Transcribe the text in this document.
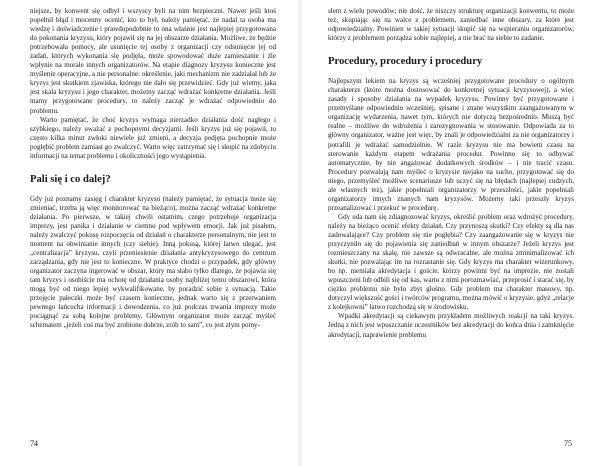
niejsze, by konwent się odbył i wszyscy byli na nim bezpieczni. Nawet jeśli ktoś popełnił błąd i mocenny ocenić, kto to był, należy pamiętać, że nadal ta osoba ma wiedzę i doświadczenie i prawdopodobnie to ona właśnie jest najlepiej przygotowana do pokonania kryzysu, który pojawił się na jej obszarze działania. Możliwe, że będzie potrzebowała pomocy, ale usunięcie tej osoby z organizacji czy odsunięcie jej od zadań, których wykonania się podjęła, może spowodować duże zamieszanie i źle wpłynie na morale innych organizatorów. Na etapie diagnozy kryzysu konieczne jest myślenie operacyjne, a nie personalne: określenie, jaki mechanizm nie zadziałał lub że kryzys jest skutkiem zjawiska, którego nie dało się przewidzieć. Gdy już wiemy, jaka jest skala kryzysu i jego charakter, możemy zacząć wdrażać konkretne działania. Jeśli mamy przygotowane procedury, to należy zacząć je wdrażać odpowiednio do problemu.

Warto pamiętać, że choć kryzys wymaga nierzadko działania dość nagłego i szybkiego, należy uważać z pochopnymi decyzjami. Jeśli kryzys już się pojawił, to często kilka minut zwłoki niewiele już zmieni, a decyzja podjęta pochopnie może pogłębić problem zamiast go zwalczyć. Warto więc zatrzymać się i skupić na zdobyciu informacji na temat problemu i okoliczności jego wystąpienia.

Pali się i co dalej?

Gdy już poznamy zasięg i charakter kryzysu (należy pamiętać, że sytuacja może się zmieniać, trzeba ją więc monitorować na bieżąco), można zacząć wdrażać konkretne działania. Po pierwsze, w takiej chwili ostatnim, czego potrzebuje organizacja imprezy, jest panika i działanie w ciemno pod wpływem emocji. Jak już pisałem, należy zwalczyć pokusę rozpoczęcia od działań o charakterze personalnym, nie jest to moment na obwinianie innych (czy siebie). Inną pokusą, której łatwo ulegać, jest „centralizacja” kryzysu, czyli przeniesienie działania antykryzysowego do centrum zarządzania, gdy nie jest to konieczne. W praktyce chodzi o przypadek, gdy główny organizator zaczyna ingerować w obszar, który ma słabo tylko dlatego, że pojawia się tam kryzys i osobiście ma ochotę od działania osoby najbliżej temu obszarowi, która mogą być od niego lepiej wykwalifikowane, by poradzić sobie z sytuacją. Takie przejęcie pałeczki może być czasem konieczne, jednak warto się z przerwaniem pewnego łańcucha informacji i dowodzenia, co już podczas trwania imprezy może pociągnąć za sobą kolejne problemy. Głównym organizator może zacząć myśleć schematem „jeżeli coś ma być zrobione dobrze, zrób to sam”, co jest złym pomy-

słem z wielu powodów; nie dość, że niszczy strukturę organizacji konwentu, to może też, skupiając się na walce z problemem, zaniedbać inne obszary, za które jest odpowiedzialny. Powinien w takiej sytuacji skupić się na wspieraniu organizatorów, którzy z problemem porządza sobie najlepiej, a nie brać na siebie to zadanie.

Procedury, procedury i procedury

Najlepszym lekiem na kryzys są wcześniej przygotowane procedury o ogólnym charakterze (które można dostosować do konkretnej sytuacji kryzysowej), a więc zasady i sposoby działania na wypadek kryzysu. Powinny być przygotowane i przemyślane odpowiednio wcześniej, spisane i znane wszystkim zaangażowanym w organizację wydarzenia, nawet tym, których nie dotyczą bezpośrednio. Muszą być realne – możliwe do wdrożenia i zarezygnowania w stosowanie. Odpowiada za to główny organizator, ważne jest więc, by znali je odpowiedzialni za nie organizatorzy i potrafili je wdrażać samodzielnie. W razie kryzysu nie ma bowiem czasu na sterowanie każdym etapem wdrażania procedur. Powinno się to odbywać automatycznie, by nie angażować dodatkowych środków – i nie tracić czasu. Procedury pozwalają nam myśleć o kryzysie niejako na sucho, przygotować się do niego, przemyśleć możliwe scenariusze lub uczyć się na błędach (najlepiej cudzych, ale własnych też), jakie popełniali organizatorzy w przeszłości, jakie popełniali organizatorzy innych znanych nam kryzysów. Możemy taki przeszły kryzys przeanalizować i przekuć w procedurę.

Gdy uda nam się zdiagnozować kryzys, określić problem oraz wdrożyć procedury, należy na bieżąco ocenić efekty działań. Czy przynoszą skutki? Czy efekty są dla nas zadowalające? Czy problem się nie pogłębia? Czy zaangażowanie się w kryzys nie przyczyniło się do pojawienia się zaniedbań w innym obszarze? Jeżeli kryzys jest rozmieszczany na skalę, nie zawsze są odwracalne, ale można zminimalizować ich skutki, nie pozwalając im na rozrastanie się. Gdy kryzys ma charakter wizerunkowy, bo np. niemiała akredytacja i goście, którzy powinni być na imprezie, nie zostali wpuszczeni lub odbili się od kas, warto z nimi porozmawiać, przeprosić i starać się, by ciężko problemu nie było zbyt głośno. Gdy problem ma charakter masowy, np. dotyczył większość gości i twórców programu, można mówić o kryzysie, gdyż „relacje z kolejkowni” łatwo rozchodzą się w środowisku.

Wpadki akredytacji są ciekawym przykładem możliwych reakcji na taki kryzys. Jedną z nich jest wpuszczanie uczestników bez akredytacji do końca dnia i zamknięcie akredytacji, naprawienie problemu

74	75
